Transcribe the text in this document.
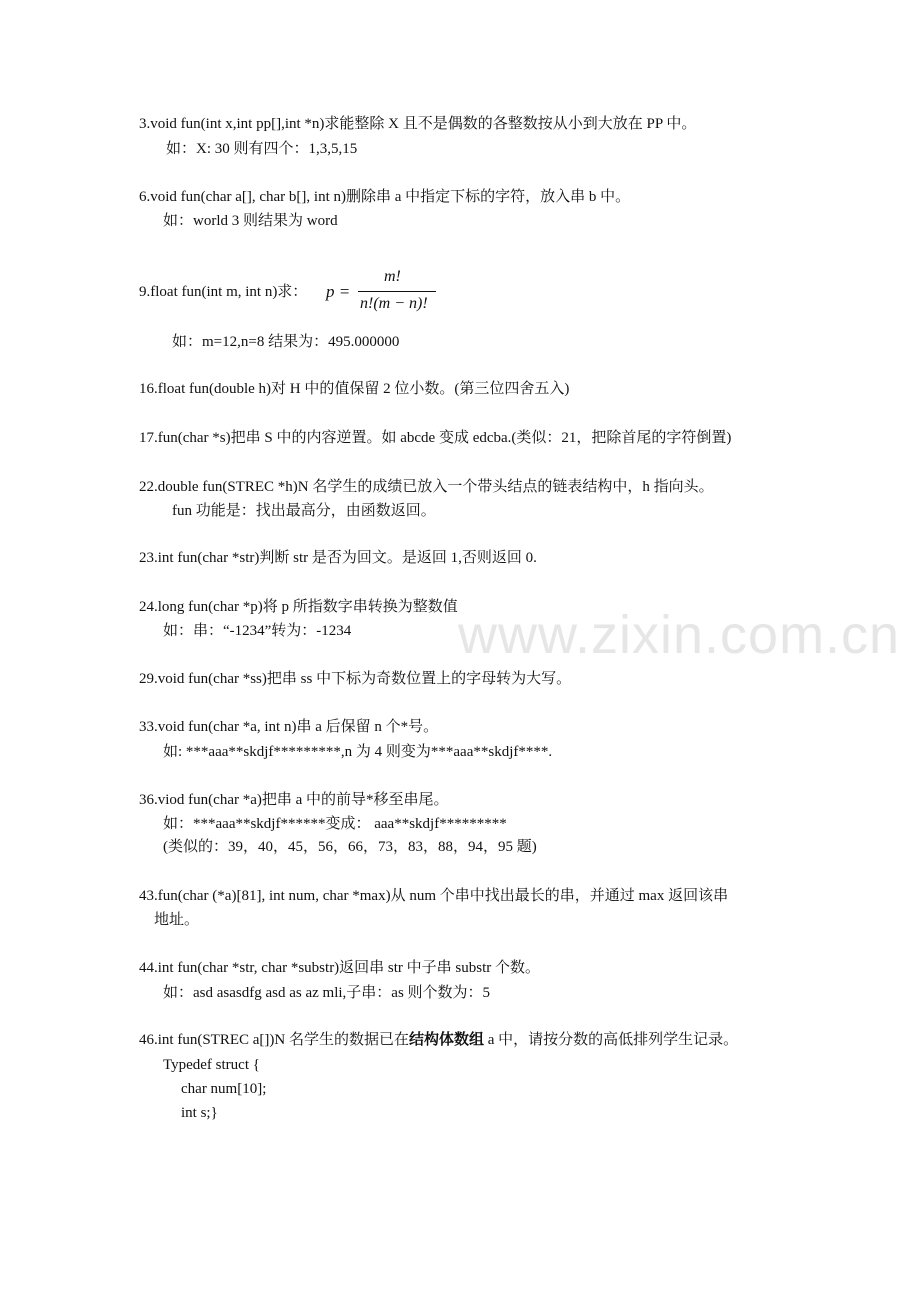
www.zixin.com.cn
3.void fun(int x,int pp[],int *n)求能整除 X 且不是偶数的各整数按从小到大放在 PP 中。
如：X: 30 则有四个：1,3,5,15
6.void fun(char a[], char b[], int n)删除串 a 中指定下标的字符，放入串 b 中。
如：world 3 则结果为 word
9.float fun(int m, int n)求： p =
m!
n!(m − n)!
如：m=12,n=8 结果为：495.000000
16.float fun(double h)对 H 中的值保留 2 位小数。(第三位四舍五入)
17.fun(char *s)把串 S 中的内容逆置。如 abcde 变成 edcba.(类似：21，把除首尾的字符倒置)
22.double fun(STREC *h)N 名学生的成绩已放入一个带头结点的链表结构中，h 指向头。
fun 功能是：找出最高分，由函数返回。
23.int fun(char *str)判断 str 是否为回文。是返回 1,否则返回 0.
24.long fun(char *p)将 p 所指数字串转换为整数值
如：串：“-1234”转为：-1234
29.void fun(char *ss)把串 ss 中下标为奇数位置上的字母转为大写。
33.void fun(char *a, int n)串 a 后保留 n 个*号。
如: ***aaa**skdjf*********,n 为 4 则变为***aaa**skdjf****.
36.viod fun(char *a)把串 a 中的前导*移至串尾。
如：***aaa**skdjf******变成： aaa**skdjf*********
(类似的：39，40，45，56，66，73，83，88，94，95 题)
43.fun(char (*a)[81], int num, char *max)从 num 个串中找出最长的串，并通过 max 返回该串
地址。
44.int fun(char *str, char *substr)返回串 str 中子串 substr 个数。
如：asd asasdfg asd as az mli,子串：as 则个数为：5
46.int fun(STREC a[])N 名学生的数据已在结构体数组 a 中，请按分数的高低排列学生记录。
Typedef struct {
char num[10];
int s;}
